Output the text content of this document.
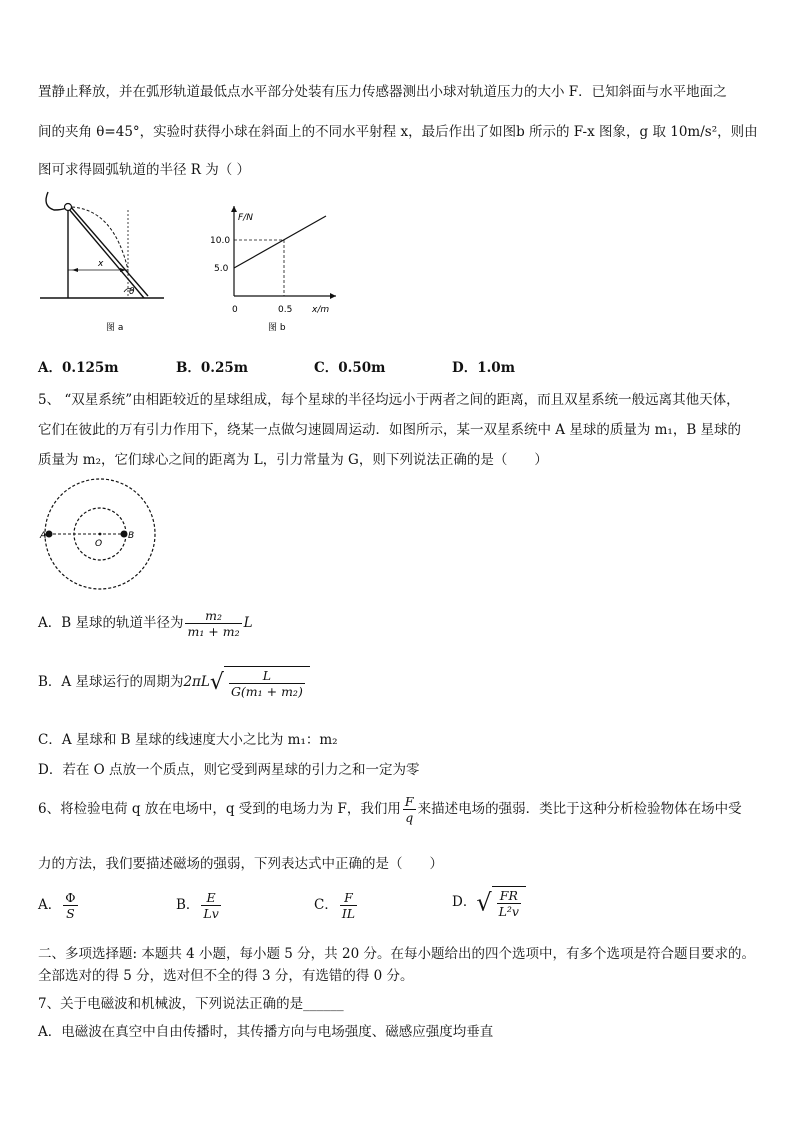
置静止释放，并在弧形轨道最低点水平部分处装有压力传感器测出小球对轨道压力的大小 F．已知斜面与水平地面之
间的夹角 θ=45°，实验时获得小球在斜面上的不同水平射程 x，最后作出了如图b 所示的 F-x 图象，g 取 10m/s²，则由
图可求得圆弧轨道的半径 R 为（ ）
x
θ
图 a
F/N
x/m
10.0
5.0
0	0.5
图 b
A．0.125m	B．0.25m	C．0.50m	D．1.0m
5、 “双星系统”由相距较近的星球组成，每个星球的半径均远小于两者之间的距离，而且双星系统一般远离其他天体，
它们在彼此的万有引力作用下，绕某一点做匀速圆周运动．如图所示，某一双星系统中 A 星球的质量为 m₁，B 星球的
质量为 m₂，它们球心之间的距离为 L，引力常量为 G，则下列说法正确的是（　　）
A
O
B
A．B 星球的轨道半径为 $\frac{\text{m₂}}{\text{m₁ + m₂}}$ L
B．A 星球运行的周期为$2\pi L√ \frac{L}{\text{G(m₁ + m₂)}}$
C．A 星球和 B 星球的线速度大小之比为 m₁：m₂
D．若在 O 点放一个质点，则它受到两星球的引力之和一定为零
6、将检验电荷 q 放在电场中，q 受到的电场力为 F，我们用 $\frac{F}{q}$ 来描述电场的强弱．类比于这种分析检验物体在场中受
力的方法，我们要描述磁场的强弱，下列表达式中正确的是（　　）
A． $\frac{\Phi}{S}$	B． $\frac{E}{Lv}$	C． $\frac{F}{IL}$	D．√ $\frac{FR}{\text{L²v}}$
二、多项选择题: 本题共 4 小题，每小题 5 分，共 20 分。在每小题给出的四个选项中，有多个选项是符合题目要求的。
全部选对的得 5 分，选对但不全的得 3 分，有选错的得 0 分。
7、关于电磁波和机械波，下列说法正确的是______
A．电磁波在真空中自由传播时，其传播方向与电场强度、磁感应强度均垂直
